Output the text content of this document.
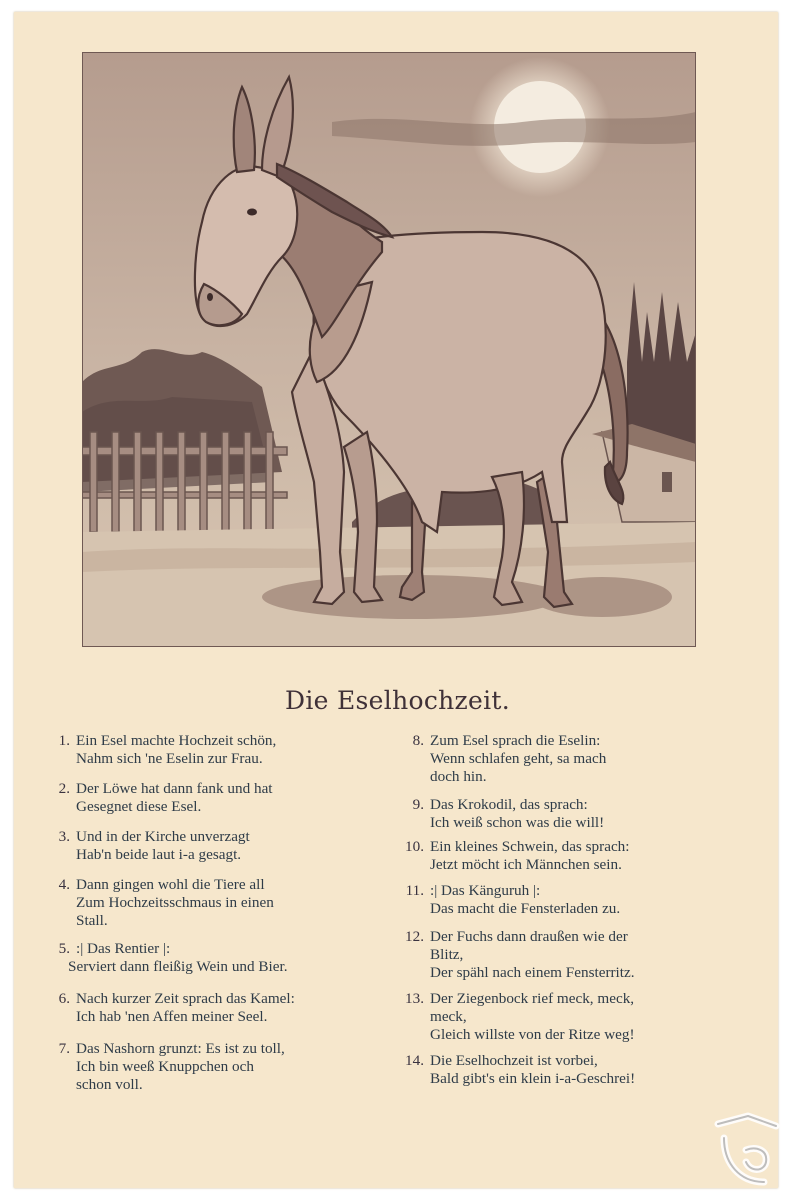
Die Eselhochzeit.
1. Ein Esel machte Hochzeit schön,
Nahm sich 'ne Eselin zur Frau.
2. Der Löwe hat dann fank und hat
Gesegnet diese Esel.
3. Und in der Kirche unverzagt
Hab'n beide laut i-a gesagt.
4. Dann gingen wohl die Tiere all
Zum Hochzeitsschmaus in einen
Stall.
5. :| Das Rentier |:
Serviert dann fleißig Wein und Bier.
6. Nach kurzer Zeit sprach das Kamel:
Ich hab 'nen Affen meiner Seel.
7. Das Nashorn grunzt: Es ist zu toll,
Ich bin weeß Knuppchen och
schon voll.
8. Zum Esel sprach die Eselin:
Wenn schlafen geht, sa mach
doch hin.
9. Das Krokodil, das sprach:
Ich weiß schon was die will!
10. Ein kleines Schwein, das sprach:
Jetzt möcht ich Männchen sein.
11. :| Das Känguruh |:
Das macht die Fensterladen zu.
12. Der Fuchs dann draußen wie der
Blitz,
Der spähl nach einem Fensterritz.
13. Der Ziegenbock rief meck, meck,
meck,
Gleich willste von der Ritze weg!
14. Die Eselhochzeit ist vorbei,
Bald gibt's ein klein i-a-Geschrei!
